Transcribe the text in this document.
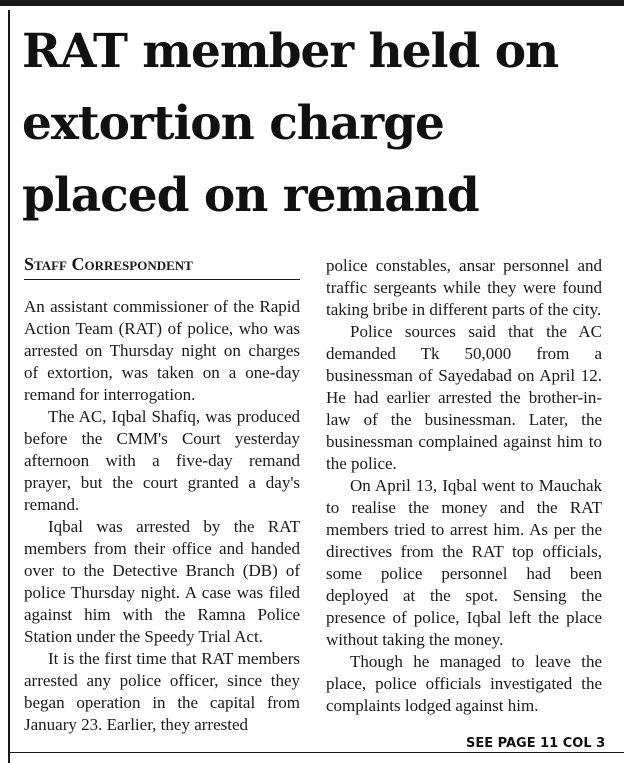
RAT member held on extortion charge placed on remand
Staff Correspondent

An assistant commissioner of the Rapid Action Team (RAT) of police, who was arrested on Thursday night on charges of extortion, was taken on a one-day remand for interrogation.

The AC, Iqbal Shafiq, was produced before the CMM's Court yesterday afternoon with a five-day remand prayer, but the court granted a day's remand.

Iqbal was arrested by the RAT members from their office and handed over to the Detective Branch (DB) of police Thursday night. A case was filed against him with the Ramna Police Station under the Speedy Trial Act.

It is the first time that RAT members arrested any police officer, since they began operation in the capital from January 23. Earlier, they arrested

police constables, ansar personnel and traffic sergeants while they were found taking bribe in different parts of the city.

Police sources said that the AC demanded Tk 50,000 from a businessman of Sayedabad on April 12. He had earlier arrested the brother-in-law of the businessman. Later, the businessman complained against him to the police.

On April 13, Iqbal went to Mauchak to realise the money and the RAT members tried to arrest him. As per the directives from the RAT top officials, some police personnel had been deployed at the spot. Sensing the presence of police, Iqbal left the place without taking the money.

Though he managed to leave the place, police officials investigated the complaints lodged against him.

SEE PAGE 11 COL 3
